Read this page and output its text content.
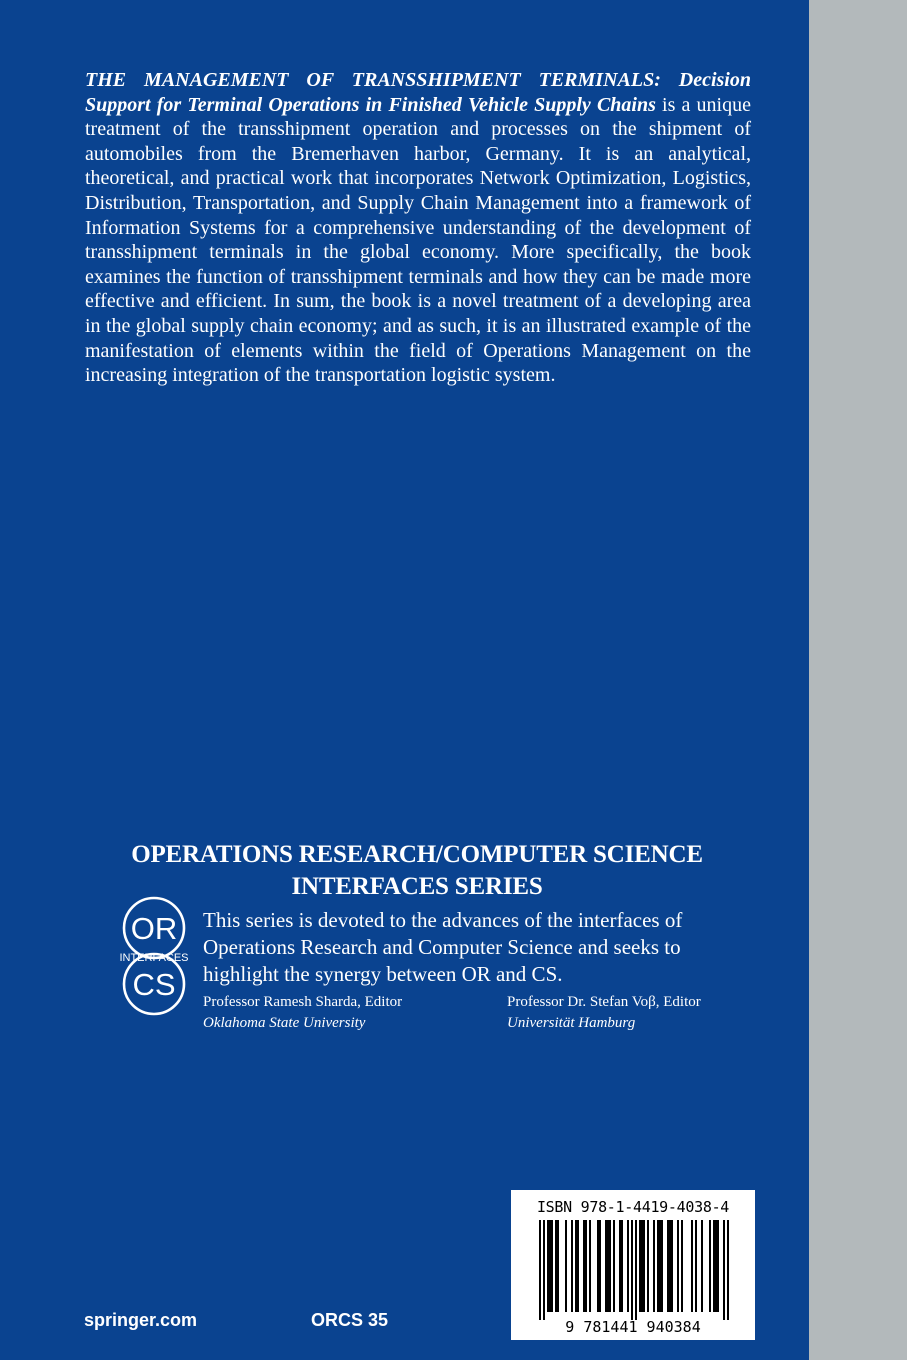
THE MANAGEMENT OF TRANSSHIPMENT TERMINALS: Decision Support for Terminal Operations in Finished Vehicle Supply Chains is a unique treatment of the transshipment operation and processes on the shipment of automobiles from the Bremerhaven harbor, Germany. It is an analytical, theoretical, and practical work that incorporates Network Optimization, Logistics, Distribution, Transportation, and Supply Chain Management into a framework of Information Systems for a comprehensive understanding of the development of transshipment terminals in the global economy. More specifically, the book examines the function of transshipment terminals and how they can be made more effective and efficient. In sum, the book is a novel treatment of a developing area in the global supply chain economy; and as such, it is an illustrated example of the manifestation of elements within the field of Operations Management on the increasing integration of the transportation logistic system.
OPERATIONS RESEARCH/COMPUTER SCIENCE
INTERFACES SERIES
OR
INTERFACES
CS
This series is devoted to the advances of the interfaces of
Operations Research and Computer Science and seeks to
highlight the synergy between OR and CS.
Professor Ramesh Sharda, Editor
Oklahoma State University
Professor Dr. Stefan Voβ, Editor
Universität Hamburg
ISBN 978-1-4419-4038-4
9 781441 940384
springer.com	ORCS 35
